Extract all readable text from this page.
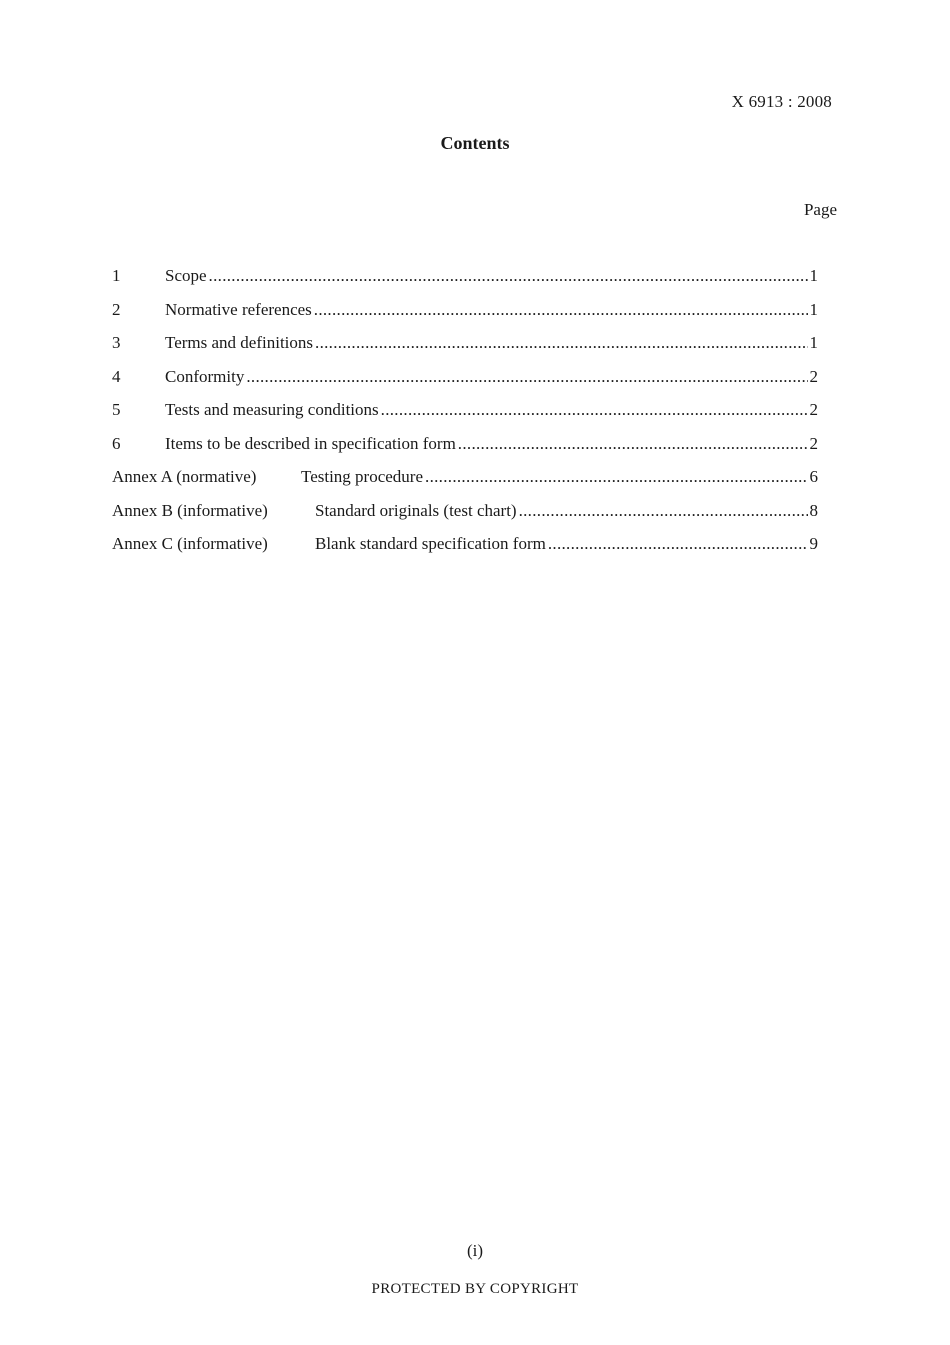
X 6913 : 2008
Contents
Page
1	Scope .....	1
2	Normative references .....	1
3	Terms and definitions .....	1
4	Conformity .....	2
5	Tests and measuring conditions .....	2
6	Items to be described in specification form .....	2
Annex A (normative)	Testing procedure .....	6
Annex B (informative)	Standard originals (test chart) .....	8
Annex C (informative)	Blank standard specification form .....	9
(i)
PROTECTED BY COPYRIGHT
